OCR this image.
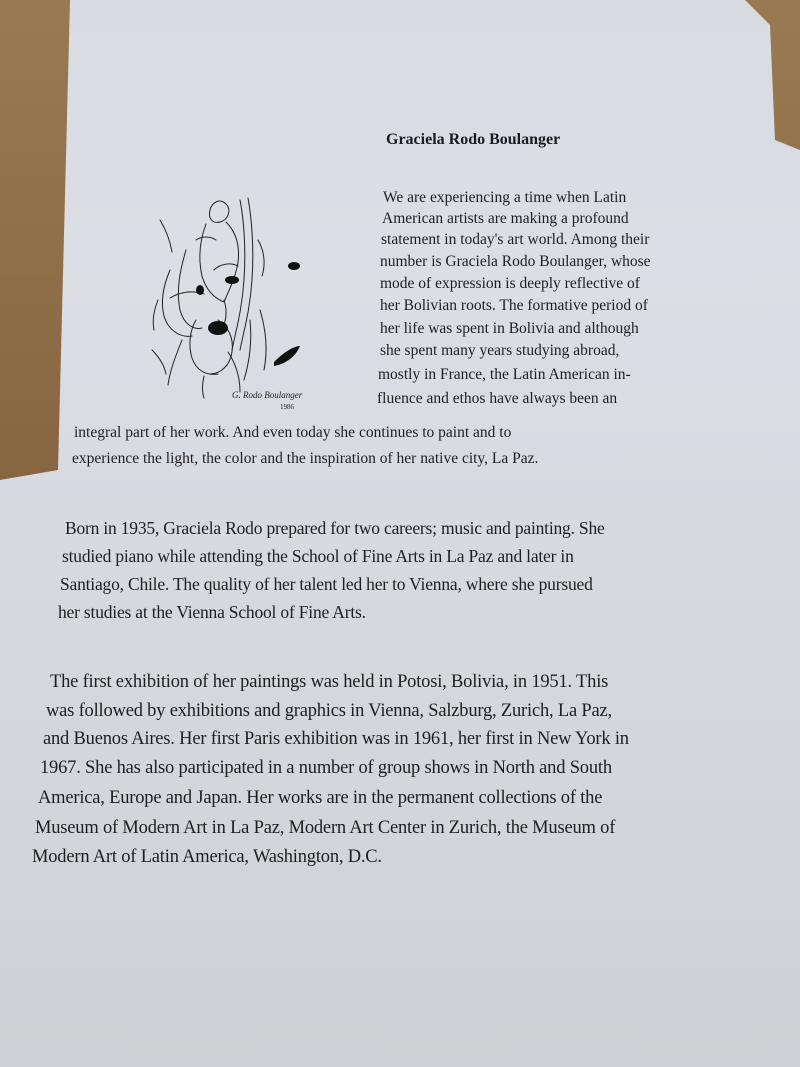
Graciela Rodo Boulanger
G. Rodo Boulanger
1986

We are experiencing a time when Latin

American artists are making a profound

statement in today's art world. Among their

number is Graciela Rodo Boulanger, whose

mode of expression is deeply reflective of

her Bolivian roots. The formative period of

her life was spent in Bolivia and although

she spent many years studying abroad,

mostly in France, the Latin American in-

fluence and ethos have always been an

integral part of her work. And even today she continues to paint and to

experience the light, the color and the inspiration of her native city, La Paz.

Born in 1935, Graciela Rodo prepared for two careers; music and painting. She

studied piano while attending the School of Fine Arts in La Paz and later in

Santiago, Chile. The quality of her talent led her to Vienna, where she pursued

her studies at the Vienna School of Fine Arts.

The first exhibition of her paintings was held in Potosi, Bolivia, in 1951. This

was followed by exhibitions and graphics in Vienna, Salzburg, Zurich, La Paz,

and Buenos Aires. Her first Paris exhibition was in 1961, her first in New York in

1967. She has also participated in a number of group shows in North and South

America, Europe and Japan. Her works are in the permanent collections of the

Museum of Modern Art in La Paz, Modern Art Center in Zurich, the Museum of

Modern Art of Latin America, Washington, D.C.
